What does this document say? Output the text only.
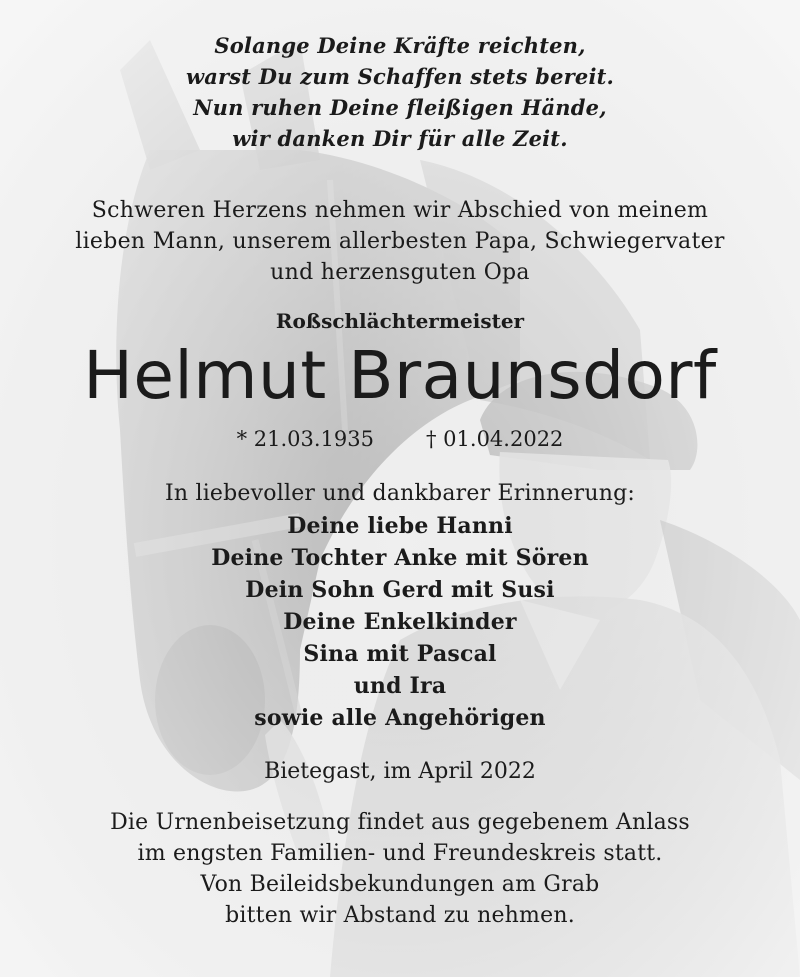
Solange Deine Kräfte reichten,
warst Du zum Schaffen stets bereit.
Nun ruhen Deine fleißigen Hände,
wir danken Dir für alle Zeit.
Schweren Herzens nehmen wir Abschied von meinem
lieben Mann, unserem allerbesten Papa, Schwiegervater
und herzensguten Opa
Roßschlächtermeister
Helmut Braunsdorf
* 21.03.1935 † 01.04.2022
In liebevoller und dankbarer Erinnerung:
Deine liebe Hanni
Deine Tochter Anke mit Sören
Dein Sohn Gerd mit Susi
Deine Enkelkinder
Sina mit Pascal
und Ira
sowie alle Angehörigen
Bietegast, im April 2022
Die Urnenbeisetzung findet aus gegebenem Anlass
im engsten Familien- und Freundeskreis statt.
Von Beileidsbekundungen am Grab
bitten wir Abstand zu nehmen.
